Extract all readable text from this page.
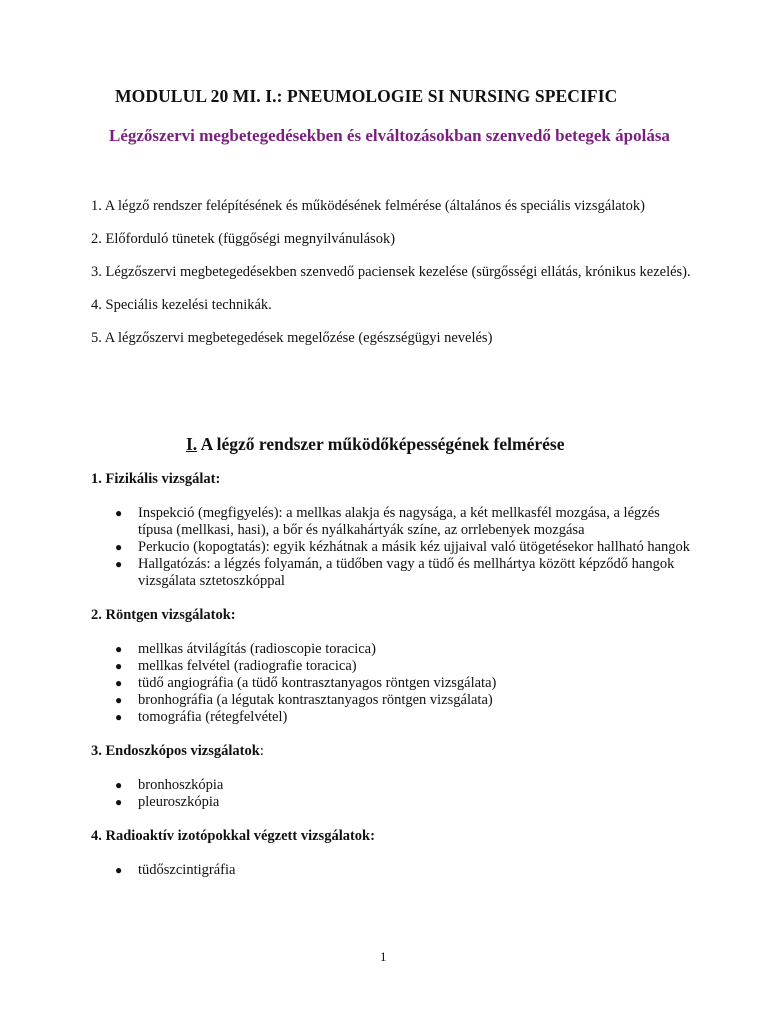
MODULUL 20 MI. I.: PNEUMOLOGIE SI NURSING SPECIFIC

Légzőszervi megbetegedésekben és elváltozásokban szenvedő betegek ápolása

1. A légző rendszer felépítésének és működésének felmérése (általános és speciális vizsgálatok)

2. Előforduló tünetek (függőségi megnyilvánulások)

3. Légzőszervi megbetegedésekben szenvedő paciensek kezelése (sürgősségi ellátás, krónikus kezelés).

4. Speciális kezelési technikák.

5. A légzőszervi megbetegedések megelőzése (egészségügyi nevelés)

I. A légző rendszer működőképességének felmérése

1. Fizikális vizsgálat:

● Inspekció (megfigyelés): a mellkas alakja és nagysága, a két mellkasfél mozgása, a légzés típusa (mellkasi, hasi), a bőr és nyálkahártyák színe, az orrlebenyek mozgása
● Perkucio (kopogtatás): egyik kézhátnak a másik kéz ujjaival való ütögetésekor hallható hangok
● Hallgatózás: a légzés folyamán, a tüdőben vagy a tüdő és mellhártya között képződő hangok vizsgálata sztetoszkóppal

2. Röntgen vizsgálatok:

● mellkas átvilágítás (radioscopie toracica)
● mellkas felvétel (radiografie toracica)
● tüdő angiográfia (a tüdő kontrasztanyagos röntgen vizsgálata)
● bronhográfia (a légutak kontrasztanyagos röntgen vizsgálata)
● tomográfia (rétegfelvétel)

3. Endoszkópos vizsgálatok:

● bronhoszkópia
● pleuroszkópia

4. Radioaktív izotópokkal végzett vizsgálatok:

● tüdőszcintigráfia

1
